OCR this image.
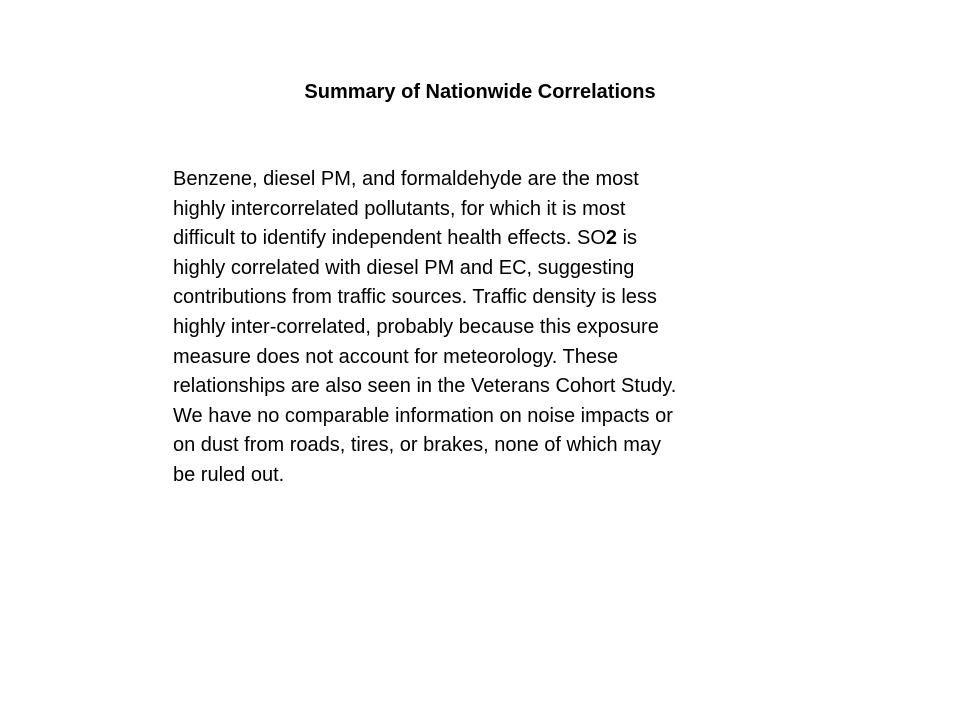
Summary of Nationwide Correlations
Benzene, diesel PM, and formaldehyde are the most
highly intercorrelated pollutants, for which it is most
difficult to identify independent health effects. SO2 is
highly correlated with diesel PM and EC, suggesting
contributions from traffic sources. Traffic density is less
highly inter-correlated, probably because this exposure
measure does not account for meteorology. These
relationships are also seen in the Veterans Cohort Study.
We have no comparable information on noise impacts or
on dust from roads, tires, or brakes, none of which may
be ruled out.
